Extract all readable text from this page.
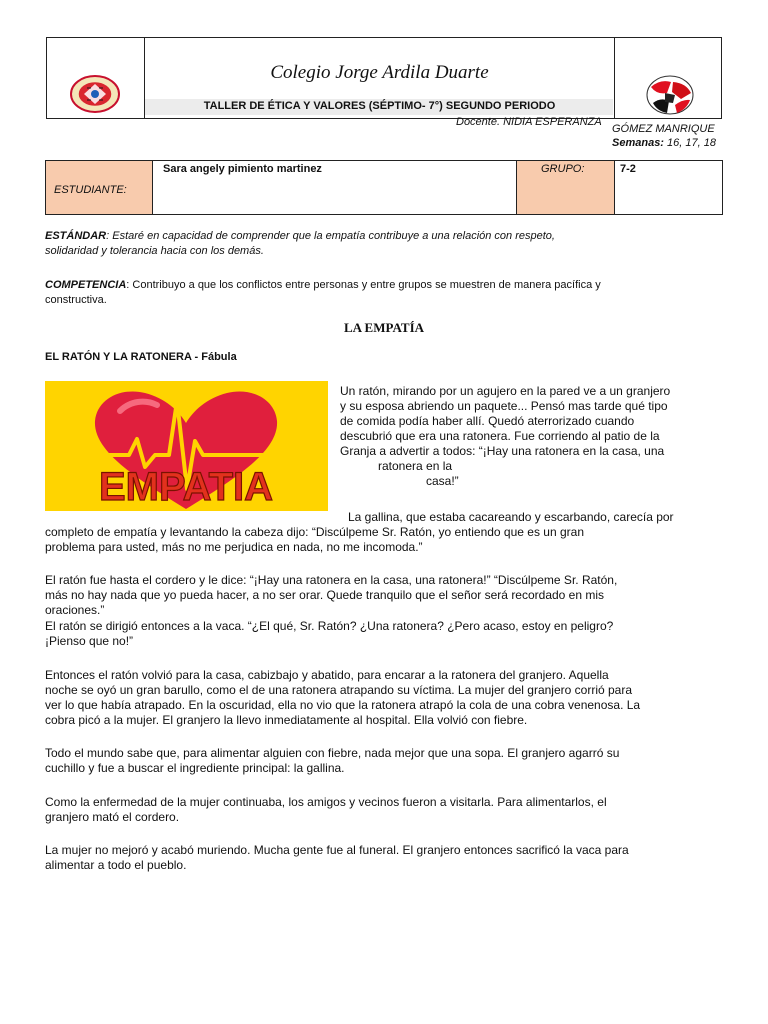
Colegio Jorge Ardila Duarte
TALLER DE ÉTICA Y VALORES (SÉPTIMO- 7°) SEGUNDO PERIODO
Docente. NIDIA ESPERANZA
GÓMEZ MANRIQUE
Semanas: 16, 17, 18
ESTUDIANTE:
Sara angely pimiento martinez	GRUPO:	7-2
ESTÁNDAR: Estaré en capacidad de comprender que la empatía contribuye a una relación con respeto,
solidaridad y tolerancia hacia con los demás.
COMPETENCIA: Contribuyo a que los conflictos entre personas y entre grupos se muestren de manera pacífica y
constructiva.
LA EMPATÍA
EL RATÓN Y LA RATONERA - Fábula
EMPATIA
Un ratón, mirando por un agujero en la pared ve a un granjero
y su esposa abriendo un paquete... Pensó mas tarde qué tipo
de comida podía haber allí. Quedó aterrorizado cuando
descubrió que era una ratonera. Fue corriendo al patio de la
Granja a advertir a todos: “¡Hay una ratonera en la casa, una
ratonera en la
casa!”
La gallina, que estaba cacareando y escarbando, carecía por
completo de empatía y levantando la cabeza dijo: “Discúlpeme Sr. Ratón, yo entiendo que es un gran
problema para usted, más no me perjudica en nada, no me incomoda.”
El ratón fue hasta el cordero y le dice: “¡Hay una ratonera en la casa, una ratonera!” “Discúlpeme Sr. Ratón,
más no hay nada que yo pueda hacer, a no ser orar. Quede tranquilo que el señor será recordado en mis
oraciones.”
El ratón se dirigió entonces a la vaca. “¿El qué, Sr. Ratón? ¿Una ratonera? ¿Pero acaso, estoy en peligro?
¡Pienso que no!”
Entonces el ratón volvió para la casa, cabizbajo y abatido, para encarar a la ratonera del granjero. Aquella
noche se oyó un gran barullo, como el de una ratonera atrapando su víctima. La mujer del granjero corrió para
ver lo que había atrapado. En la oscuridad, ella no vio que la ratonera atrapó la cola de una cobra venenosa. La
cobra picó a la mujer. El granjero la llevo inmediatamente al hospital. Ella volvió con fiebre.
Todo el mundo sabe que, para alimentar alguien con fiebre, nada mejor que una sopa. El granjero agarró su
cuchillo y fue a buscar el ingrediente principal: la gallina.
Como la enfermedad de la mujer continuaba, los amigos y vecinos fueron a visitarla. Para alimentarlos, el
granjero mató el cordero.
La mujer no mejoró y acabó muriendo. Mucha gente fue al funeral. El granjero entonces sacrificó la vaca para
alimentar a todo el pueblo.
